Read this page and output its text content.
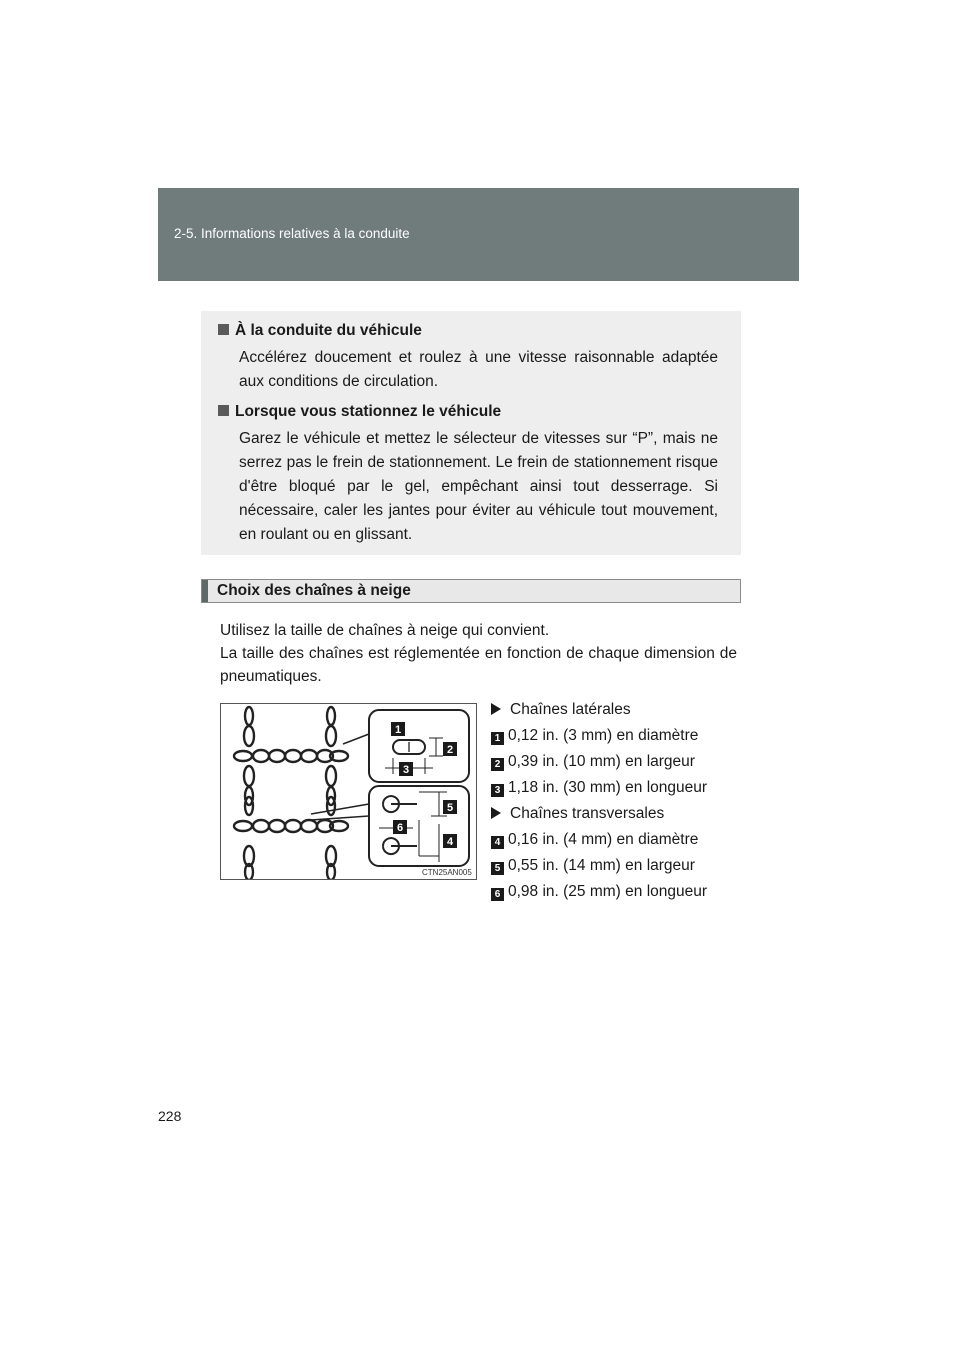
2-5. Informations relatives à la conduite
À la conduite du véhicule
Accélérez doucement et roulez à une vitesse raisonnable adaptée aux conditions de circulation.
Lorsque vous stationnez le véhicule
Garez le véhicule et mettez le sélecteur de vitesses sur “P”, mais ne serrez pas le frein de stationnement. Le frein de stationnement risque d'être bloqué par le gel, empêchant ainsi tout desserrage. Si nécessaire, caler les jantes pour éviter au véhicule tout mouvement, en roulant ou en glissant.
Choix des chaînes à neige
Utilisez la taille de chaînes à neige qui convient.
La taille des chaînes est réglementée en fonction de chaque dimension de pneumatiques.
1
2
3
4
5
6
CTN25AN005
Chaînes latérales
1 0,12 in. (3 mm) en diamètre
2 0,39 in. (10 mm) en largeur
3 1,18 in. (30 mm) en longueur
Chaînes transversales
4 0,16 in. (4 mm) en diamètre
5 0,55 in. (14 mm) en largeur
6 0,98 in. (25 mm) en longueur
228
